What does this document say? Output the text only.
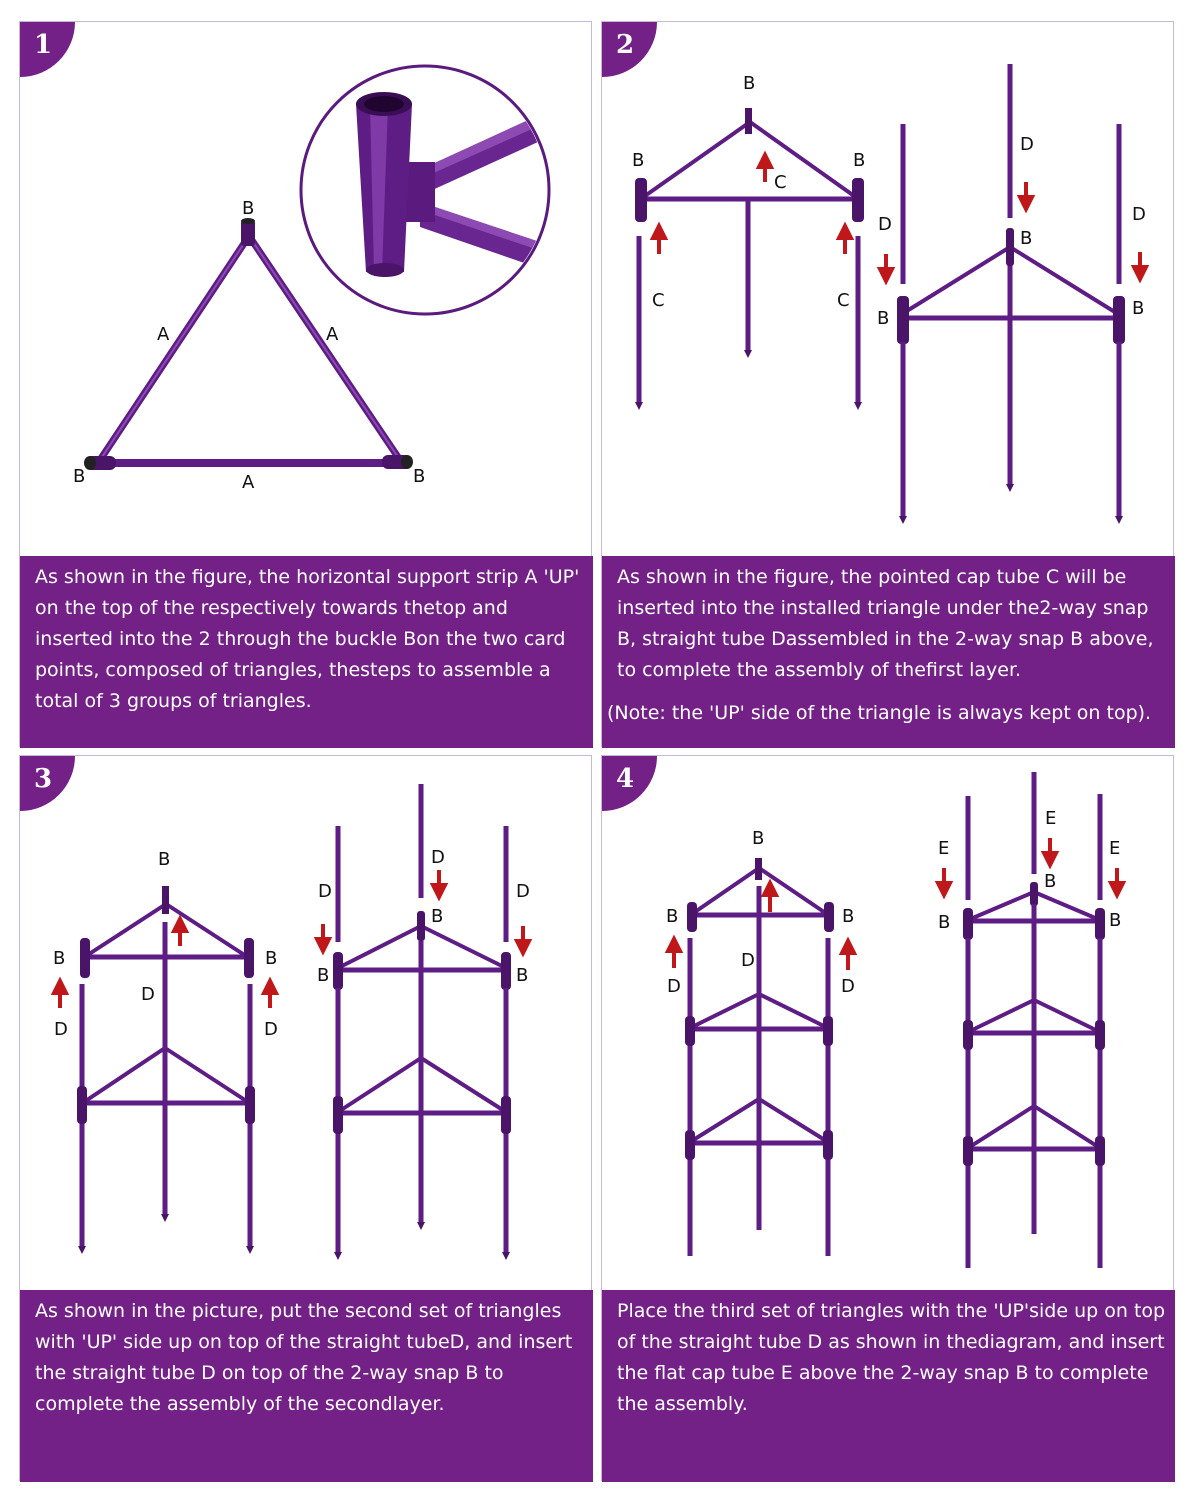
1
B
B	B
A	A
A

As shown in the figure, the horizontal support strip A 'UP' on the top of the respectively towards thetop and inserted into the 2 through the buckle Bon the two card points, composed of triangles, thesteps to assemble a total of 3 groups of triangles.

2
B
B	B
C
C	C
D
D	D
B
B	B

As shown in the figure, the pointed cap tube C will be inserted into the installed triangle under the2-way snap B, straight tube Dassembled in the 2-way snap B above, to complete the assembly of thefirst layer.

(Note: the 'UP' side of the triangle is always kept on top).

3
B
B	B
D
D	D
D
D	D
B
B	B

As shown in the picture, put the second set of triangles with 'UP' side up on top of the straight tubeD, and insert the straight tube D on top of the 2-way snap B to complete the assembly of the secondlayer.

4
B
B	B
D
D	D
E
E	E
B
B	B

Place the third set of triangles with the 'UP'side up on top of the straight tube D as shown in thediagram, and insert the flat cap tube E above the 2-way snap B to complete the assembly.
